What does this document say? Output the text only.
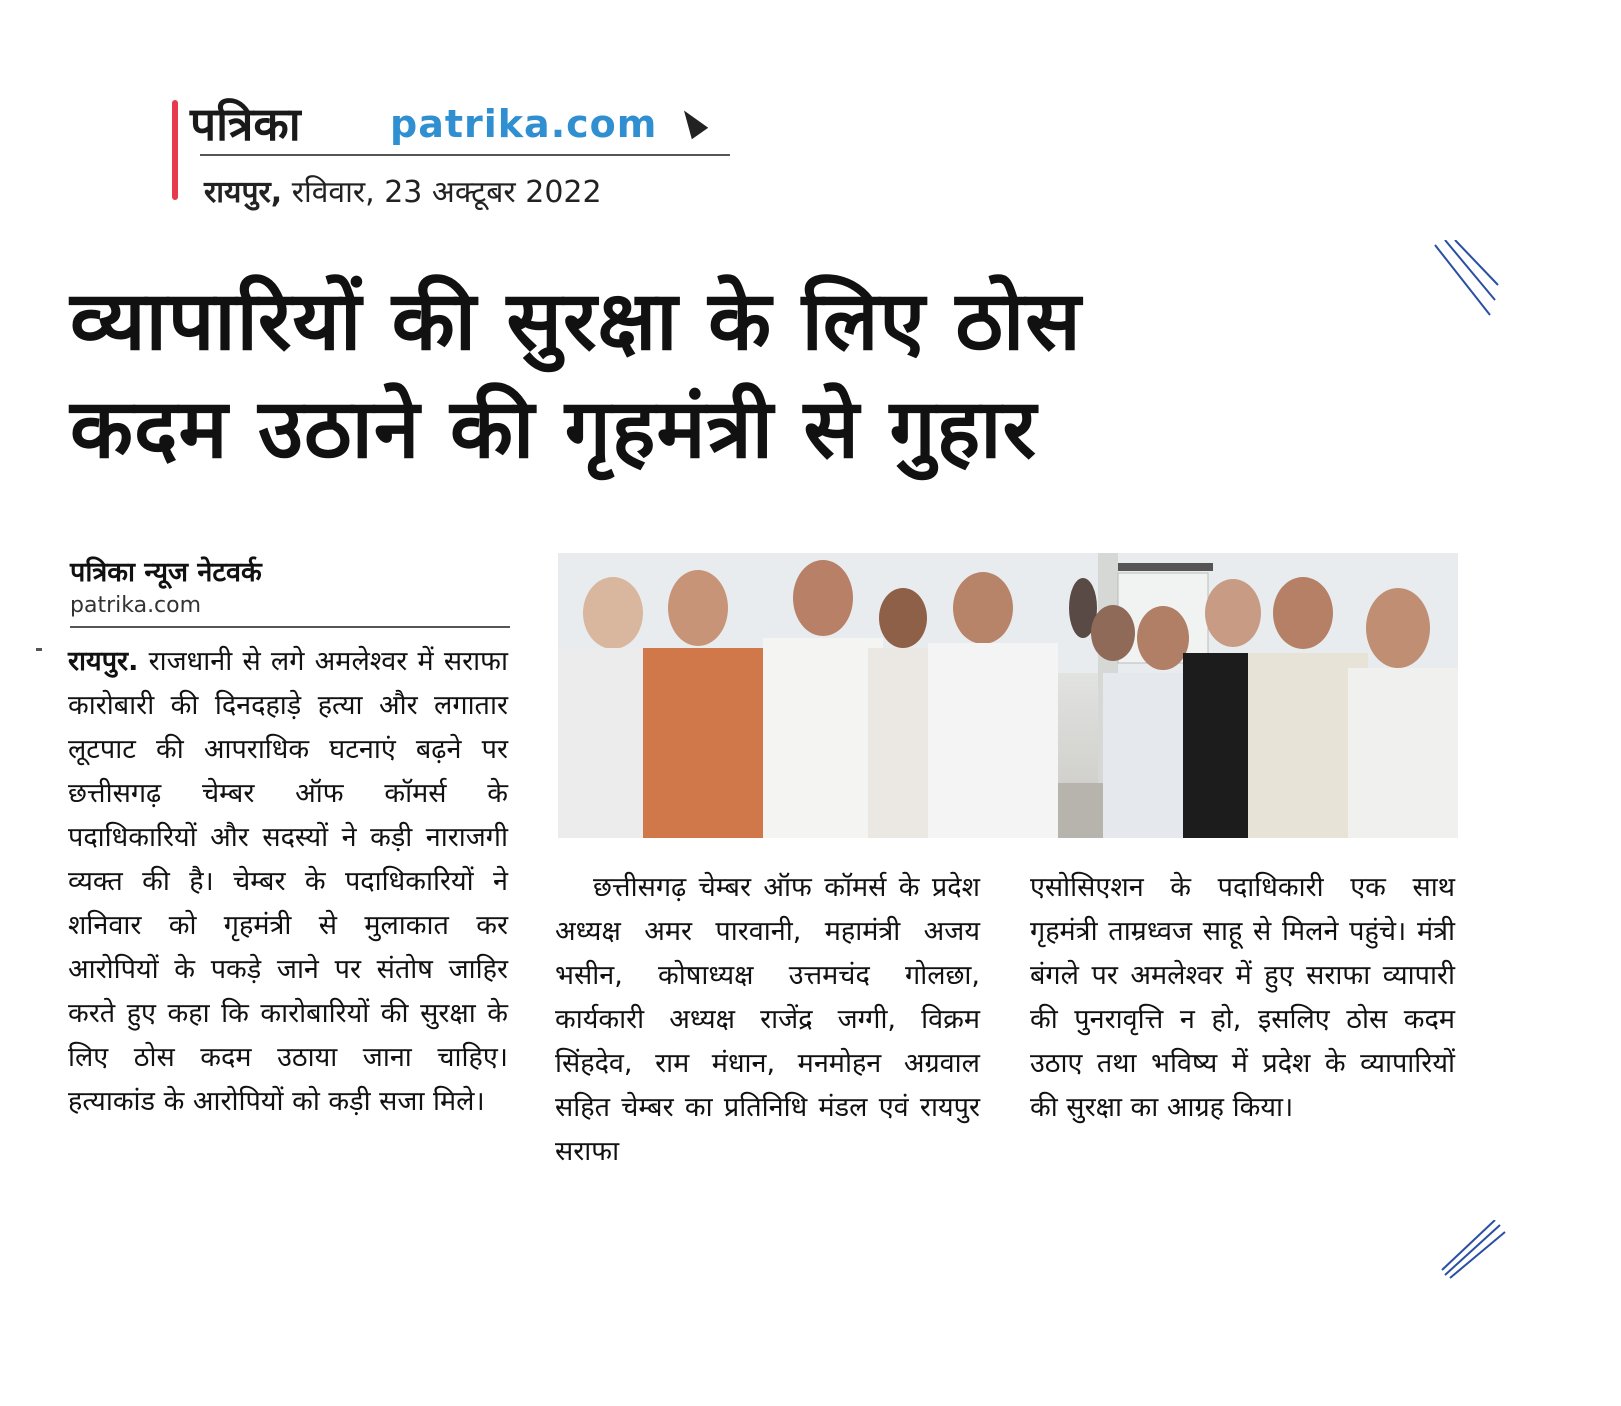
पत्रिका patrika.com
रायपुर, रविवार, 23 अक्टूबर 2022
व्यापारियों की सुरक्षा के लिए ठोस
कदम उठाने की गृहमंत्री से गुहार
पत्रिका न्यूज नेटवर्क
patrika.com
रायपुर. राजधानी से लगे अमलेश्वर में सराफा कारोबारी की दिनदहाड़े हत्या और लगातार लूटपाट की आपराधिक घटनाएं बढ़ने पर छत्तीसगढ़ चेम्बर ऑफ कॉमर्स के पदाधिकारियों और सदस्यों ने कड़ी नाराजगी व्यक्त की है। चेम्बर के पदाधिकारियों ने शनिवार को गृहमंत्री से मुलाकात कर आरोपियों के पकड़े जाने पर संतोष जाहिर करते हुए कहा कि कारोबारियों की सुरक्षा के लिए ठोस कदम उठाया जाना चाहिए। हत्याकांड के आरोपियों को कड़ी सजा मिले।
छत्तीसगढ़ चेम्बर ऑफ कॉमर्स के प्रदेश अध्यक्ष अमर पारवानी, महामंत्री अजय भसीन, कोषाध्यक्ष उत्तमचंद गोलछा, कार्यकारी अध्यक्ष राजेंद्र जग्गी, विक्रम सिंहदेव, राम मंधान, मनमोहन अग्रवाल सहित चेम्बर का प्रतिनिधि मंडल एवं रायपुर सराफा
एसोसिएशन के पदाधिकारी एक साथ गृहमंत्री ताम्रध्वज साहू से मिलने पहुंचे। मंत्री बंगले पर अमलेश्वर में हुए सराफा व्यापारी की पुनरावृत्ति न हो, इसलिए ठोस कदम उठाए तथा भविष्य में प्रदेश के व्यापारियों की सुरक्षा का आग्रह किया।
